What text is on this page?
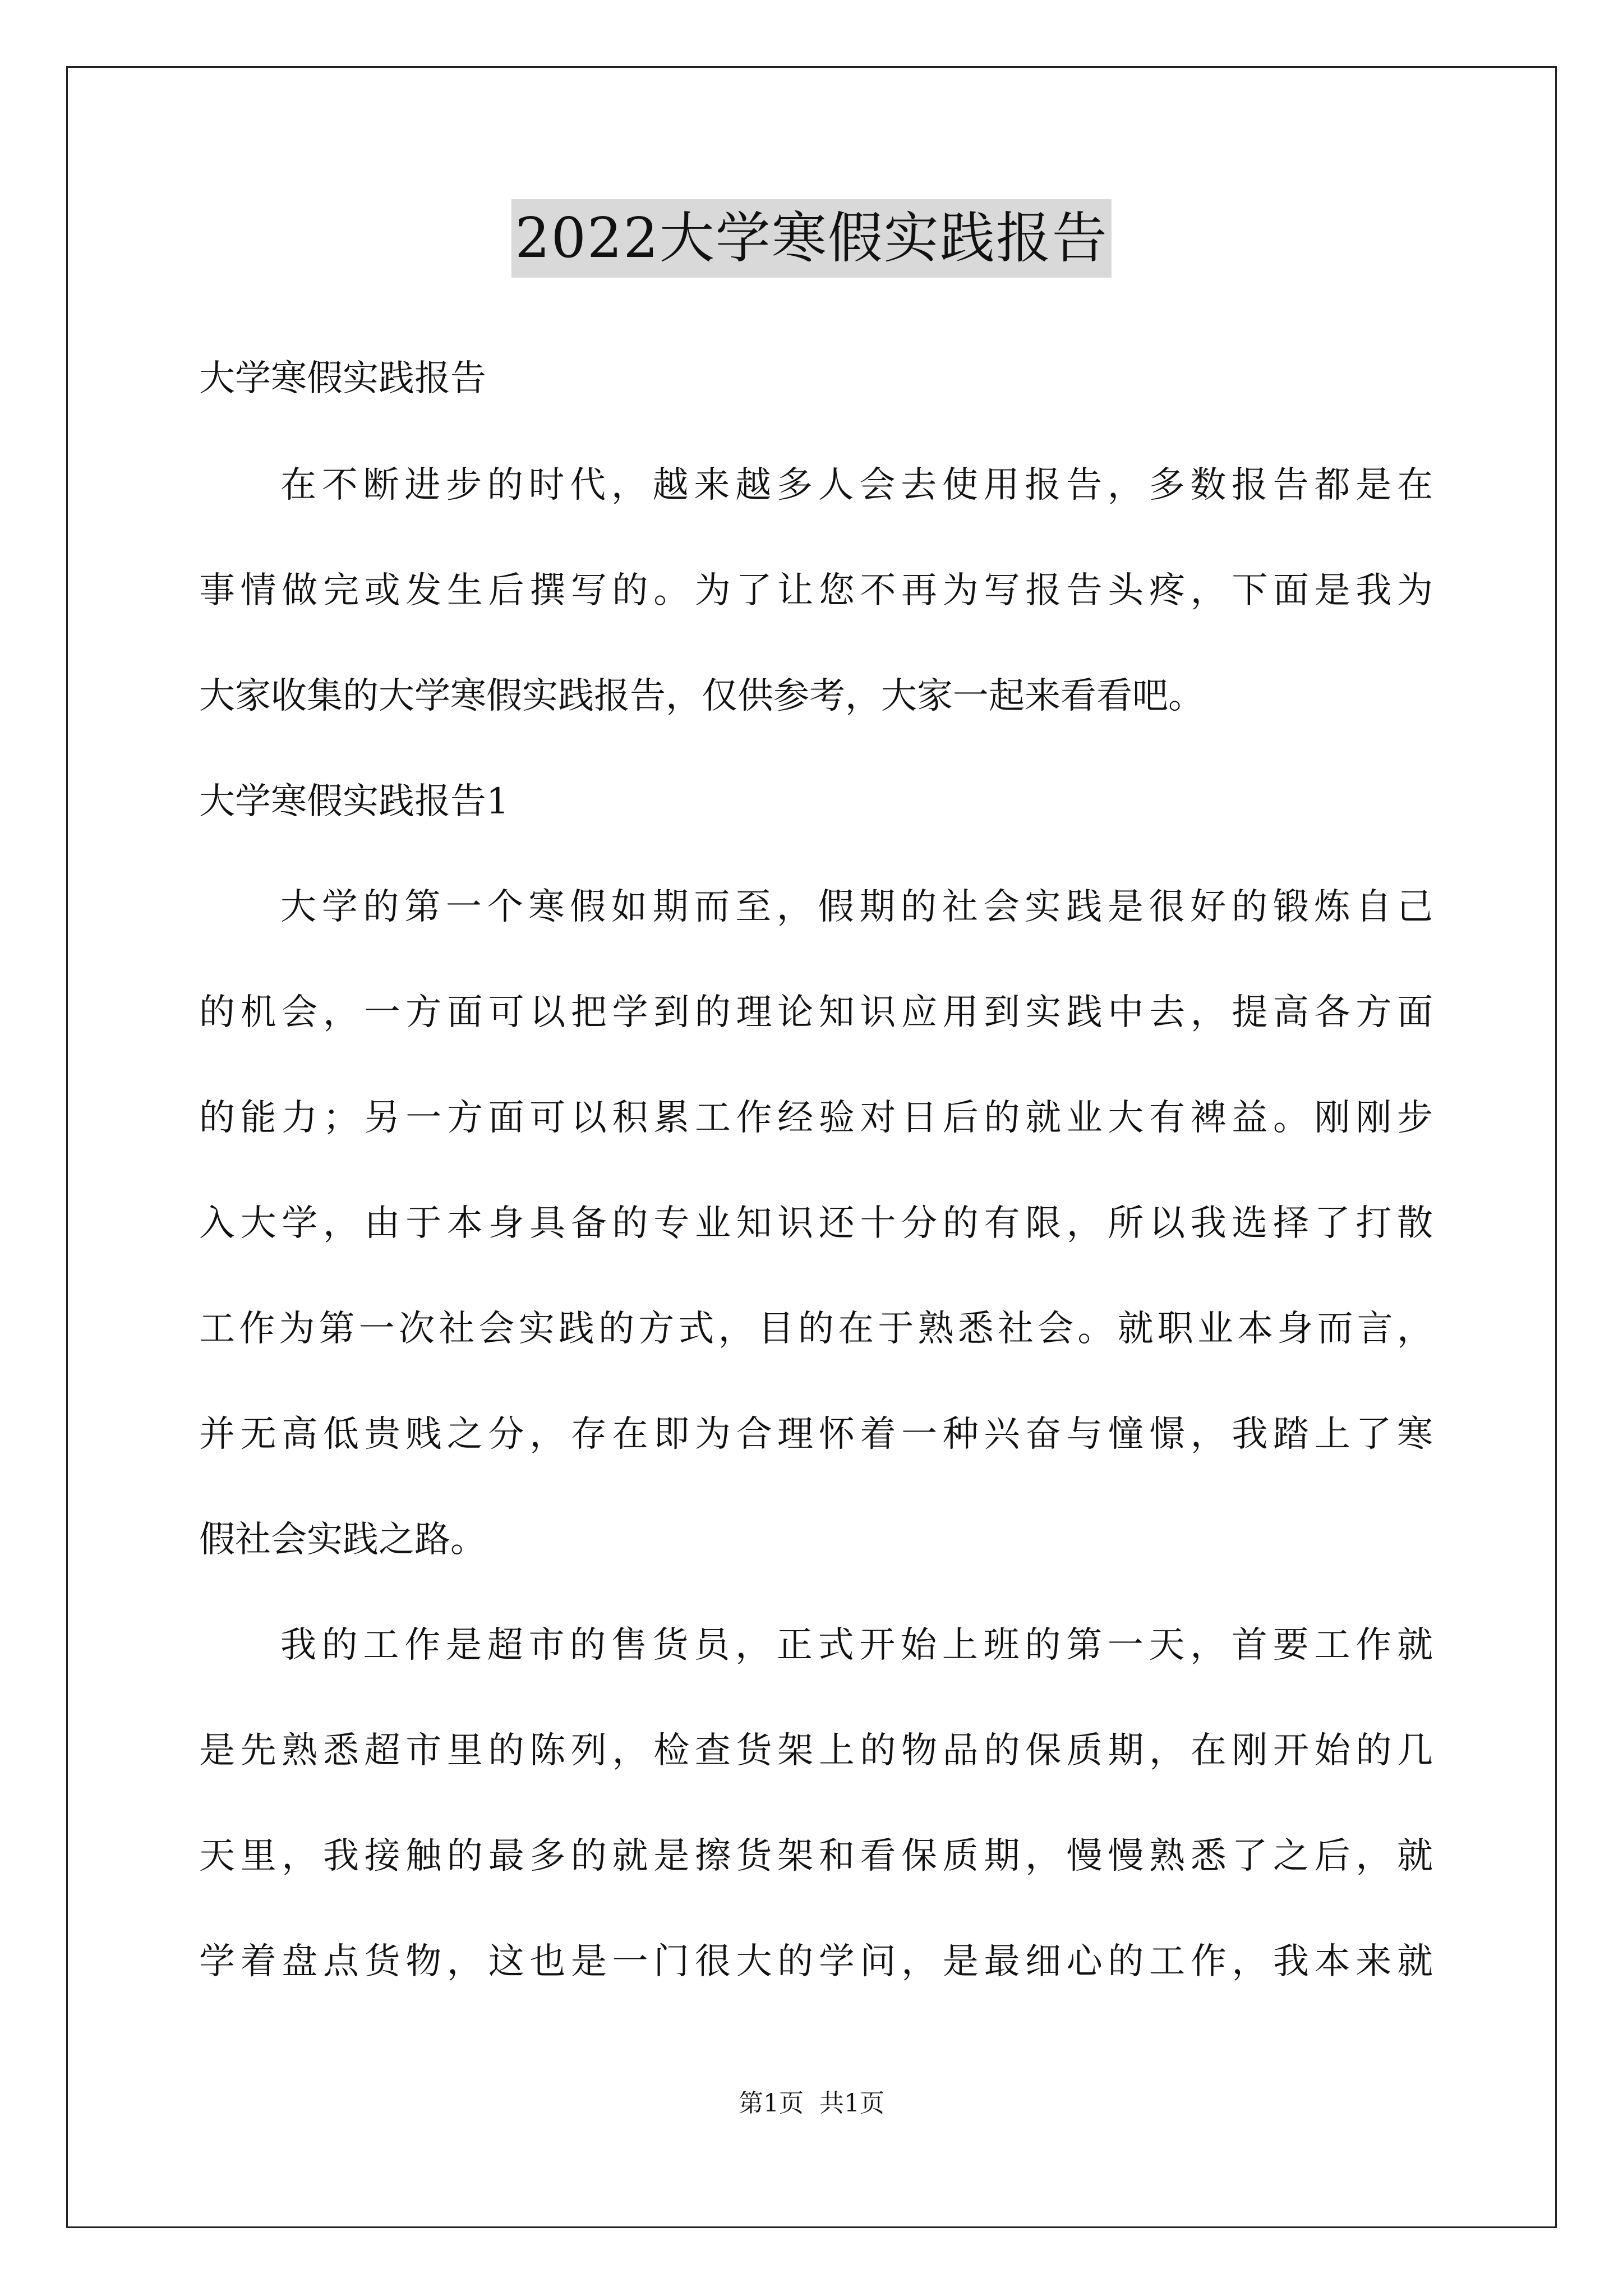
2022大学寒假实践报告
大学寒假实践报告
在不断进步的时代，越来越多人会去使用报告，多数报告都是在
事情做完或发生后撰写的。为了让您不再为写报告头疼，下面是我为
大家收集的大学寒假实践报告，仅供参考，大家一起来看看吧。
大学寒假实践报告1
大学的第一个寒假如期而至，假期的社会实践是很好的锻炼自己
的机会，一方面可以把学到的理论知识应用到实践中去，提高各方面
的能力；另一方面可以积累工作经验对日后的就业大有裨益。刚刚步
入大学，由于本身具备的专业知识还十分的有限，所以我选择了打散
工作为第一次社会实践的方式，目的在于熟悉社会。就职业本身而言，
并无高低贵贱之分，存在即为合理怀着一种兴奋与憧憬，我踏上了寒
假社会实践之路。
我的工作是超市的售货员，正式开始上班的第一天，首要工作就
是先熟悉超市里的陈列，检查货架上的物品的保质期，在刚开始的几
天里，我接触的最多的就是擦货架和看保质期，慢慢熟悉了之后，就
学着盘点货物，这也是一门很大的学问，是最细心的工作，我本来就
第1页 共1页
